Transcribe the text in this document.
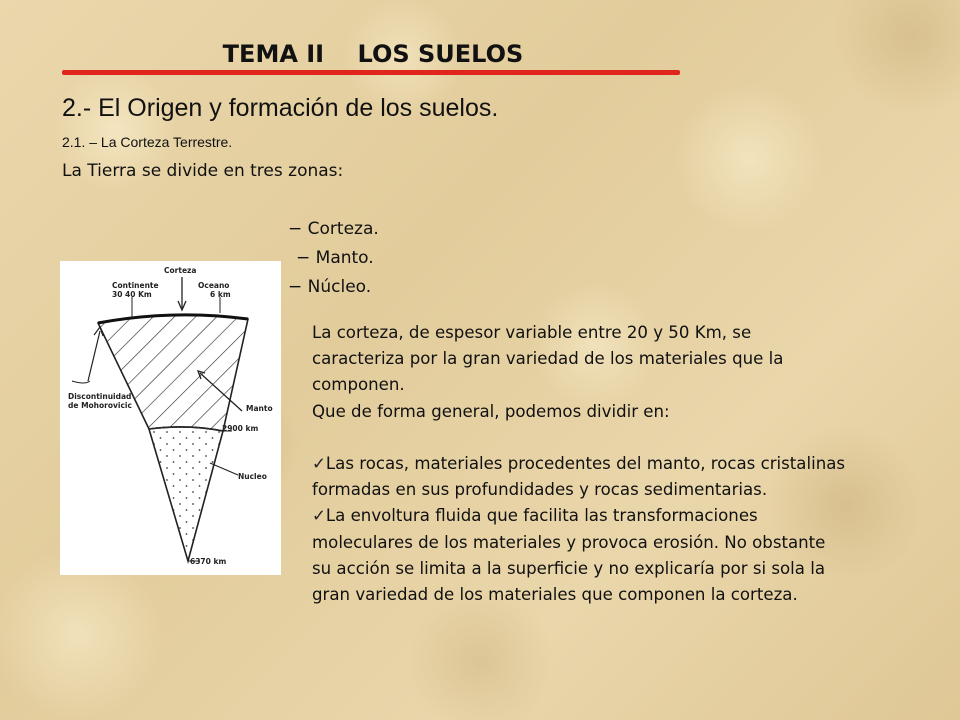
TEMA II    LOS SUELOS
2.- El Origen y formación de los suelos.
2.1. – La Corteza Terrestre.
La Tierra se divide en tres zonas:
− Corteza.
− Manto.
− Núcleo.
Corteza
Continente
30 40 Km
Oceano
6 km
Discontinuidad
de Mohorovicic	Manto
2900 km
Nucleo
6370 km

La corteza, de espesor variable entre 20 y 50 Km, se

caracteriza por la gran variedad de los materiales que la

componen.

Que de forma general, podemos dividir en:

✓Las rocas, materiales procedentes del manto, rocas cristalinas

formadas en sus profundidades y rocas sedimentarias.

✓La envoltura fluida que facilita las transformaciones

moleculares de los materiales y provoca erosión. No obstante

su acción se limita a la superficie y no explicaría por si sola la

gran variedad de los materiales que componen la corteza.
